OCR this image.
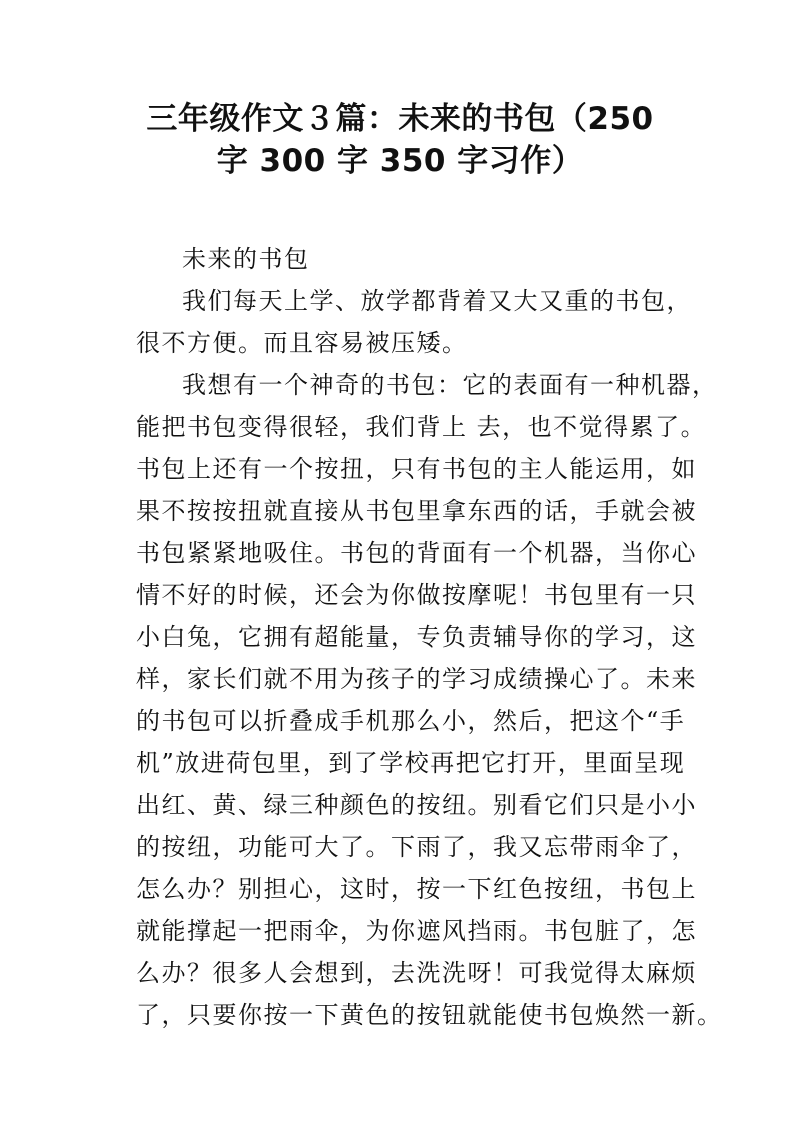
三年级作文３篇：未来的书包（250
字 300 字 350 字习作）

未来的书包

我们每天上学、放学都背着又大又重的书包，

很不方便。而且容易被压矮。

我想有一个神奇的书包：它的表面有一种机器，

能把书包变得很轻，我们背上 去，也不觉得累了。

书包上还有一个按扭，只有书包的主人能运用，如

果不按按扭就直接从书包里拿东西的话，手就会被

书包紧紧地吸住。书包的背面有一个机器，当你心

情不好的时候，还会为你做按摩呢！书包里有一只

小白兔，它拥有超能量，专负责辅导你的学习，这

样，家长们就不用为孩子的学习成绩操心了。未来

的书包可以折叠成手机那么小，然后，把这个“手

机”放进荷包里，到了学校再把它打开，里面呈现

出红、黄、绿三种颜色的按纽。别看它们只是小小

的按纽，功能可大了。下雨了，我又忘带雨伞了，

怎么办？别担心，这时，按一下红色按纽，书包上

就能撑起一把雨伞，为你遮风挡雨。书包脏了，怎

么办？很多人会想到，去洗洗呀！可我觉得太麻烦

了，只要你按一下黄色的按钮就能使书包焕然一新。
